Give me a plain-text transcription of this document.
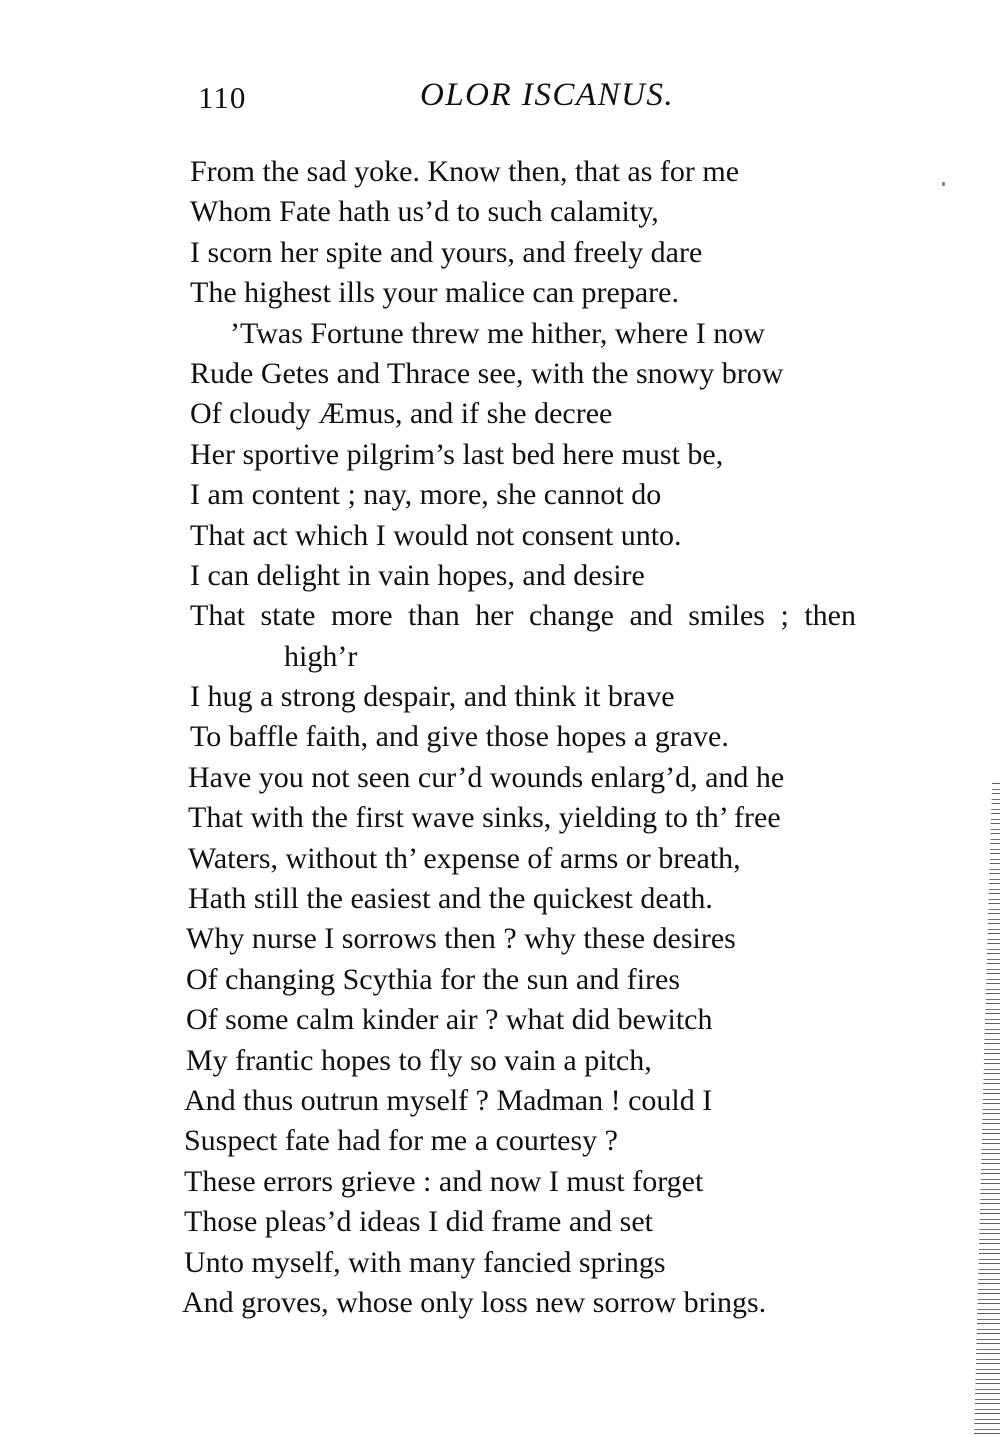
110	OLOR ISCANUS.
From the sad yoke. Know then, that as for me
Whom Fate hath us’d to such calamity,
I scorn her spite and yours, and freely dare
The highest ills your malice can prepare.
’Twas Fortune threw me hither, where I now
Rude Getes and Thrace see, with the snowy brow
Of cloudy Æmus, and if she decree
Her sportive pilgrim’s last bed here must be,
I am content ; nay, more, she cannot do
That act which I would not consent unto.
I can delight in vain hopes, and desire
That state more than her change and smiles ; then
high’r
I hug a strong despair, and think it brave
To baffle faith, and give those hopes a grave.
Have you not seen cur’d wounds enlarg’d, and he
That with the first wave sinks, yielding to th’ free
Waters, without th’ expense of arms or breath,
Hath still the easiest and the quickest death.
Why nurse I sorrows then ? why these desires
Of changing Scythia for the sun and fires
Of some calm kinder air ? what did bewitch
My frantic hopes to fly so vain a pitch,
And thus outrun myself ? Madman ! could I
Suspect fate had for me a courtesy ?
These errors grieve : and now I must forget
Those pleas’d ideas I did frame and set
Unto myself, with many fancied springs
And groves, whose only loss new sorrow brings.
